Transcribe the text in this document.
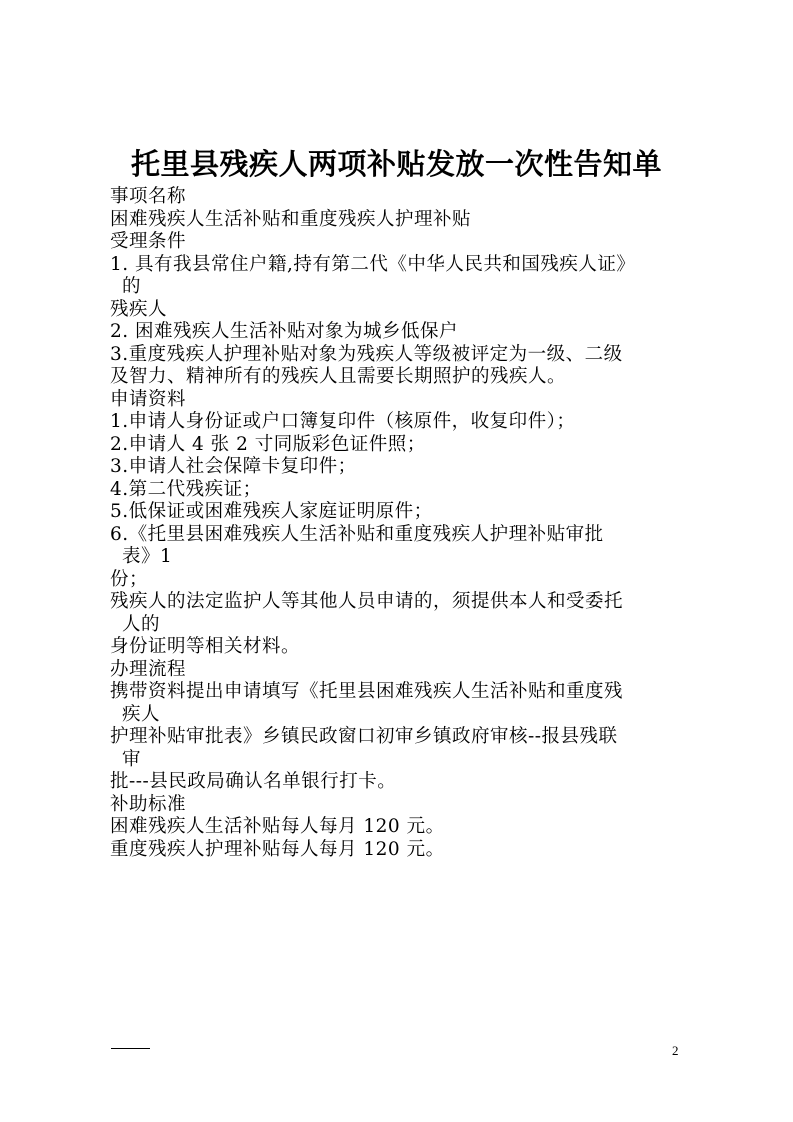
托里县残疾人两项补贴发放一次性告知单
事项名称
困难残疾人生活补贴和重度残疾人护理补贴
受理条件
1. 具有我县常住户籍,持有第二代《中华人民共和国残疾人证》
的
残疾人
2. 困难残疾人生活补贴对象为城乡低保户
3.重度残疾人护理补贴对象为残疾人等级被评定为一级、二级
及智力、精神所有的残疾人且需要长期照护的残疾人。
申请资料
1.申请人身份证或户口簿复印件（核原件，收复印件）；
2.申请人 4 张 2 寸同版彩色证件照；
3.申请人社会保障卡复印件；
4.第二代残疾证；
5.低保证或困难残疾人家庭证明原件；
6.《托里县困难残疾人生活补贴和重度残疾人护理补贴审批
表》1
份；
残疾人的法定监护人等其他人员申请的，须提供本人和受委托
人的
身份证明等相关材料。
办理流程
携带资料提出申请填写《托里县困难残疾人生活补贴和重度残
疾人
护理补贴审批表》乡镇民政窗口初审乡镇政府审核--报县残联
审
批---县民政局确认名单银行打卡。
补助标准
困难残疾人生活补贴每人每月 120 元。
重度残疾人护理补贴每人每月 120 元。
2
